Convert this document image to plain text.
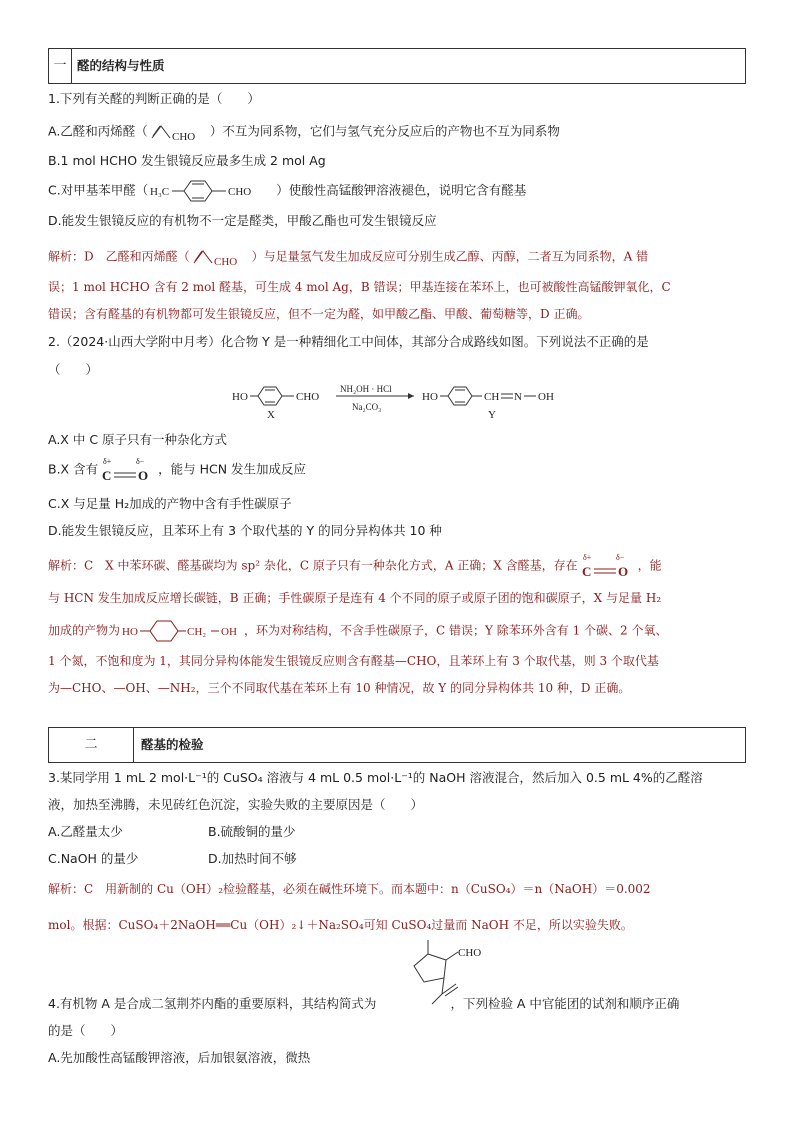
一 醛的结构与性质
1.下列有关醛的判断正确的是（　　）
A.乙醛和丙烯醛（ CHO ）不互为同系物，它们与氢气充分反应后的产物也不互为同系物
B.1 mol HCHO 发生银镜反应最多生成 2 mol Ag
C.对甲基苯甲醛（ H₃C	CHO ）使酸性高锰酸钾溶液褪色，说明它含有醛基
D.能发生银镜反应的有机物不一定是醛类，甲酸乙酯也可发生银镜反应
解析：D　乙醛和丙烯醛（ CHO ）与足量氢气发生加成反应可分别生成乙醇、丙醇，二者互为同系物，A 错
误；1 mol HCHO 含有 2 mol 醛基，可生成 4 mol Ag，B 错误；甲基连接在苯环上，也可被酸性高锰酸钾氧化，C
错误；含有醛基的有机物都可发生银镜反应，但不一定为醛，如甲酸乙酯、甲酸、葡萄糖等，D 正确。
2.（2024·山西大学附中月考）化合物 Y 是一种精细化工中间体，其部分合成路线如图。下列说法不正确的是
（　　）
HO	CHO
X
NH₂OH · HCl
Na₂CO₃
HO	CH N OH
Y
A.X 中 C 原子只有一种杂化方式
B.X 含有 δ+	δ−
C O ，能与 HCN 发生加成反应
C.X 与足量 H₂加成的产物中含有手性碳原子
D.能发生银镜反应，且苯环上有 3 个取代基的 Y 的同分异构体共 10 种
解析：C　X 中苯环碳、醛基碳均为 sp² 杂化，C 原子只有一种杂化方式，A 正确；X 含醛基，存在
δ+	δ−
C O ，能
与 HCN 发生加成反应增长碳链，B 正确；手性碳原子是连有 4 个不同的原子或原子团的饱和碳原子，X 与足量 H₂
加成的产物为 HO	CH₂ OH ，环为对称结构，不含手性碳原子，C 错误；Y 除苯环外含有 1 个碳、2 个氧、
1 个氮，不饱和度为 1，其同分异构体能发生银镜反应则含有醛基—CHO，且苯环上有 3 个取代基，则 3 个取代基
为—CHO、—OH、—NH₂，三个不同取代基在苯环上有 10 种情况，故 Y 的同分异构体共 10 种，D 正确。
二	醛基的检验
3.某同学用 1 mL 2 mol·L⁻¹的 CuSO₄ 溶液与 4 mL 0.5 mol·L⁻¹的 NaOH 溶液混合，然后加入 0.5 mL 4%的乙醛溶
液，加热至沸腾，未见砖红色沉淀，实验失败的主要原因是（　　）
A.乙醛量太少	B.硫酸铜的量少
C.NaOH 的量少	D.加热时间不够
解析：C　用新制的 Cu（OH）₂检验醛基，必须在碱性环境下。而本题中：n（CuSO₄）＝n（NaOH）＝0.002
mol。根据：CuSO₄＋2NaOH══Cu（OH）₂↓＋Na₂SO₄可知 CuSO₄过量而 NaOH 不足，所以实验失败。
CHO
4.有机物 A 是合成二氢荆芥内酯的重要原料，其结构简式为	，下列检验 A 中官能团的试剂和顺序正确
的是（　　）
A.先加酸性高锰酸钾溶液，后加银氨溶液，微热
